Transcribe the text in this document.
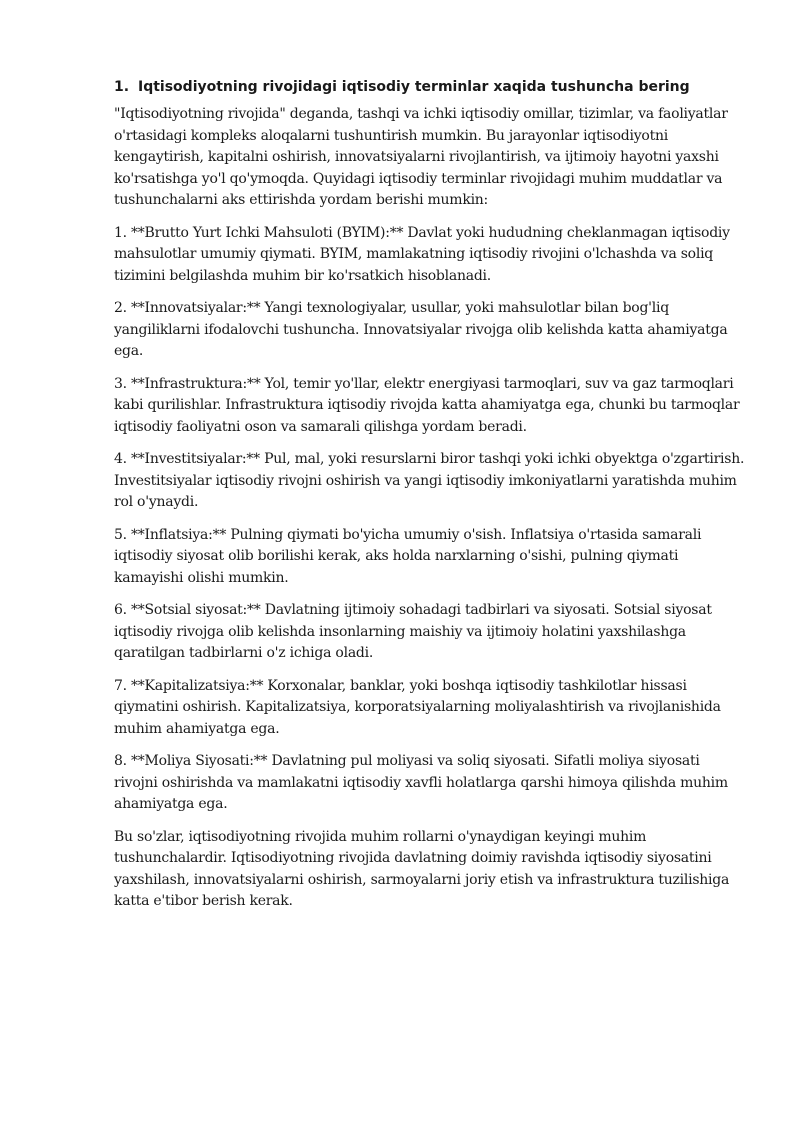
1. Iqtisodiyotning rivojidagi iqtisodiy terminlar xaqida tushuncha bering

"Iqtisodiyotning rivojida" deganda, tashqi va ichki iqtisodiy omillar, tizimlar, va faoliyatlar o'rtasidagi kompleks aloqalarni tushuntirish mumkin. Bu jarayonlar iqtisodiyotni kengaytirish, kapitalni oshirish, innovatsiyalarni rivojlantirish, va ijtimoiy hayotni yaxshi ko'rsatishga yo'l qo'ymoqda. Quyidagi iqtisodiy terminlar rivojidagi muhim muddatlar va tushunchalarni aks ettirishda yordam berishi mumkin:

1. **Brutto Yurt Ichki Mahsuloti (BYIM):** Davlat yoki hududning cheklanmagan iqtisodiy mahsulotlar umumiy qiymati. BYIM, mamlakatning iqtisodiy rivojini o'lchashda va soliq tizimini belgilashda muhim bir ko'rsatkich hisoblanadi.

2. **Innovatsiyalar:** Yangi texnologiyalar, usullar, yoki mahsulotlar bilan bog'liq yangiliklarni ifodalovchi tushuncha. Innovatsiyalar rivojga olib kelishda katta ahamiyatga ega.

3. **Infrastruktura:** Yol, temir yo'llar, elektr energiyasi tarmoqlari, suv va gaz tarmoqlari kabi qurilishlar. Infrastruktura iqtisodiy rivojda katta ahamiyatga ega, chunki bu tarmoqlar iqtisodiy faoliyatni oson va samarali qilishga yordam beradi.

4. **Investitsiyalar:** Pul, mal, yoki resurslarni biror tashqi yoki ichki obyektga o'zgartirish. Investitsiyalar iqtisodiy rivojni oshirish va yangi iqtisodiy imkoniyatlarni yaratishda muhim rol o'ynaydi.

5. **Inflatsiya:** Pulning qiymati bo'yicha umumiy o'sish. Inflatsiya o'rtasida samarali iqtisodiy siyosat olib borilishi kerak, aks holda narxlarning o'sishi, pulning qiymati kamayishi olishi mumkin.

6. **Sotsial siyosat:** Davlatning ijtimoiy sohadagi tadbirlari va siyosati. Sotsial siyosat iqtisodiy rivojga olib kelishda insonlarning maishiy va ijtimoiy holatini yaxshilashga qaratilgan tadbirlarni o'z ichiga oladi.

7. **Kapitalizatsiya:** Korxonalar, banklar, yoki boshqa iqtisodiy tashkilotlar hissasi qiymatini oshirish. Kapitalizatsiya, korporatsiyalarning moliyalashtirish va rivojlanishida muhim ahamiyatga ega.

8. **Moliya Siyosati:** Davlatning pul moliyasi va soliq siyosati. Sifatli moliya siyosati rivojni oshirishda va mamlakatni iqtisodiy xavfli holatlarga qarshi himoya qilishda muhim ahamiyatga ega.

Bu so'zlar, iqtisodiyotning rivojida muhim rollarni o'ynaydigan keyingi muhim tushunchalardir. Iqtisodiyotning rivojida davlatning doimiy ravishda iqtisodiy siyosatini yaxshilash, innovatsiyalarni oshirish, sarmoyalarni joriy etish va infrastruktura tuzilishiga katta e'tibor berish kerak.
